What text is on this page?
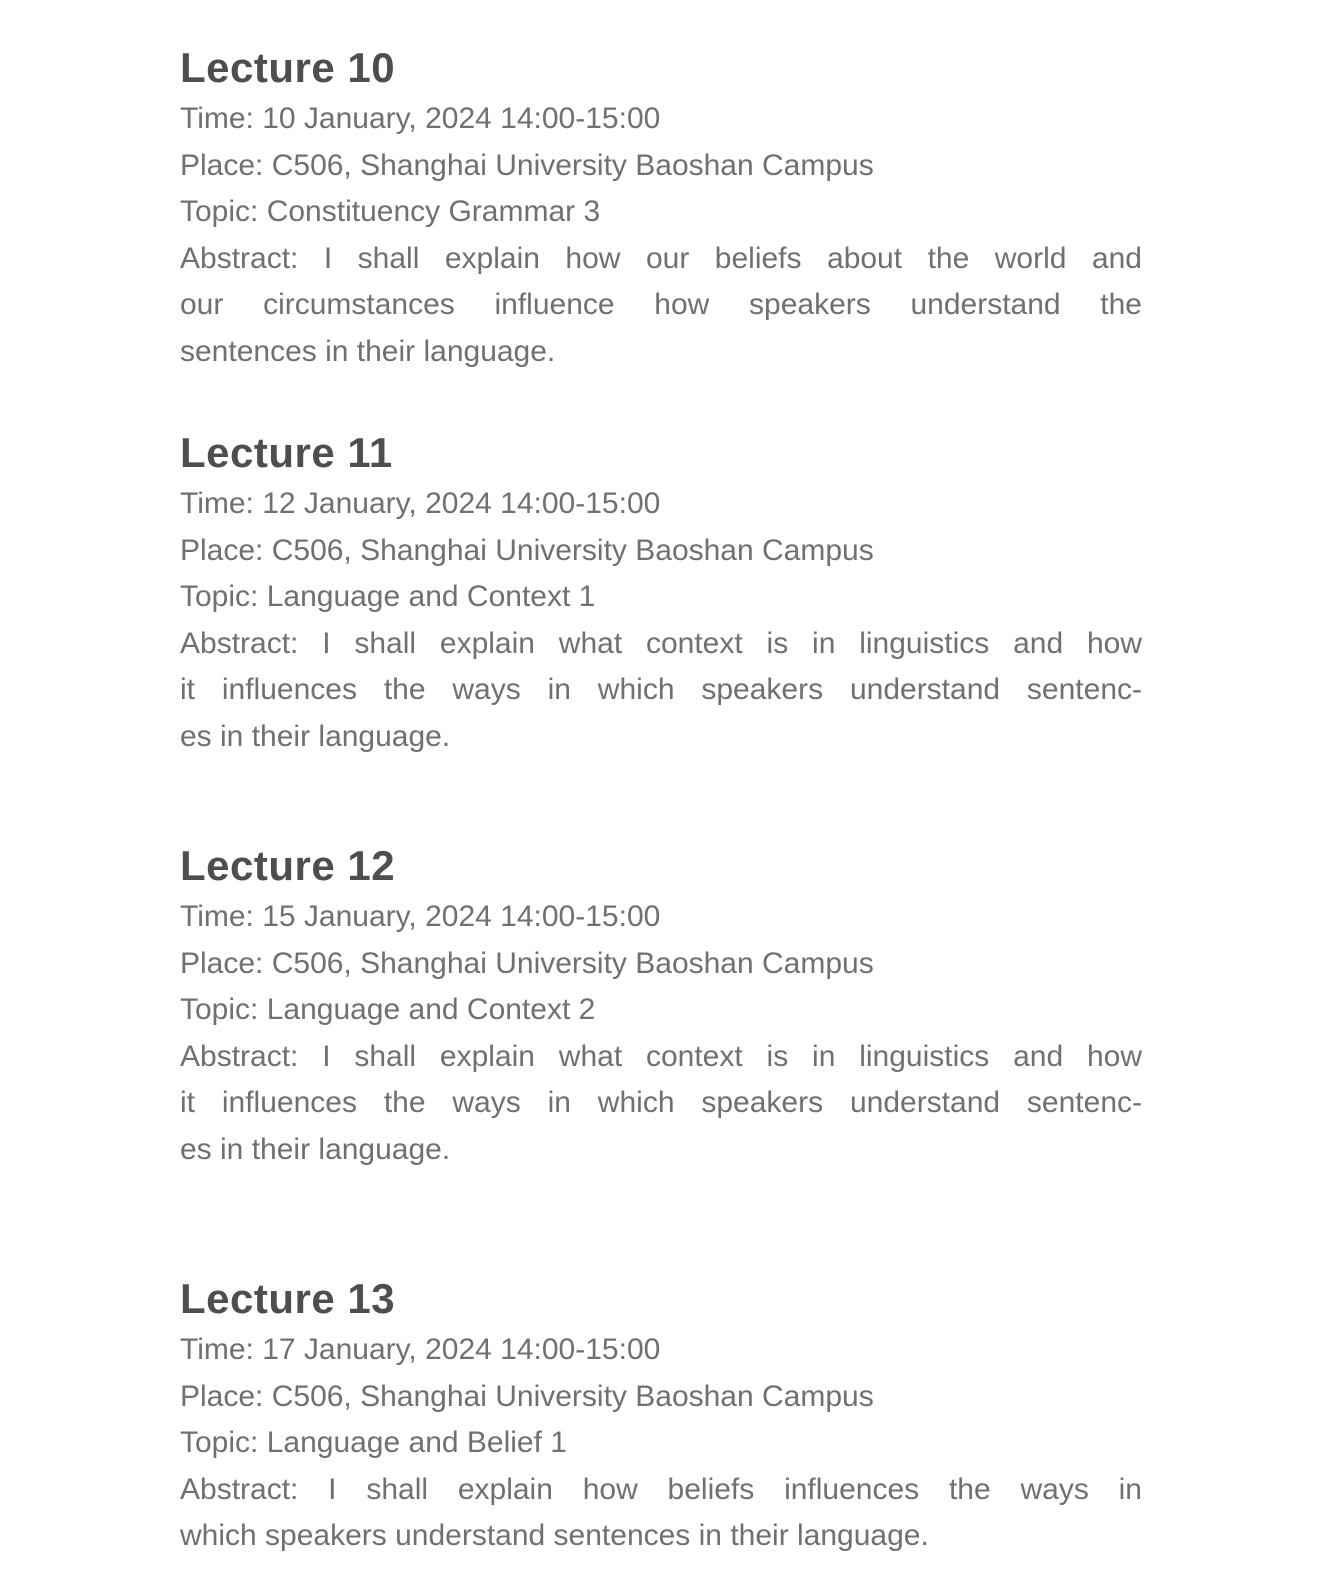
Lecture 10

Time: 10 January, 2024 14:00-15:00

Place: C506, Shanghai University Baoshan Campus

Topic: Constituency Grammar 3

Abstract: I shall explain how our beliefs about the world and
our circumstances influence how speakers understand the
sentences in their language.
Lecture 11

Time: 12 January, 2024 14:00-15:00

Place: C506, Shanghai University Baoshan Campus

Topic: Language and Context 1

Abstract: I shall explain what context is in linguistics and how
it influences the ways in which speakers understand sentenc-
es in their language.
Lecture 12

Time: 15 January, 2024 14:00-15:00

Place: C506, Shanghai University Baoshan Campus

Topic: Language and Context 2

Abstract: I shall explain what context is in linguistics and how
it influences the ways in which speakers understand sentenc-
es in their language.
Lecture 13

Time: 17 January, 2024 14:00-15:00

Place: C506, Shanghai University Baoshan Campus

Topic: Language and Belief 1

Abstract: I shall explain how beliefs influences the ways in
which speakers understand sentences in their language.
